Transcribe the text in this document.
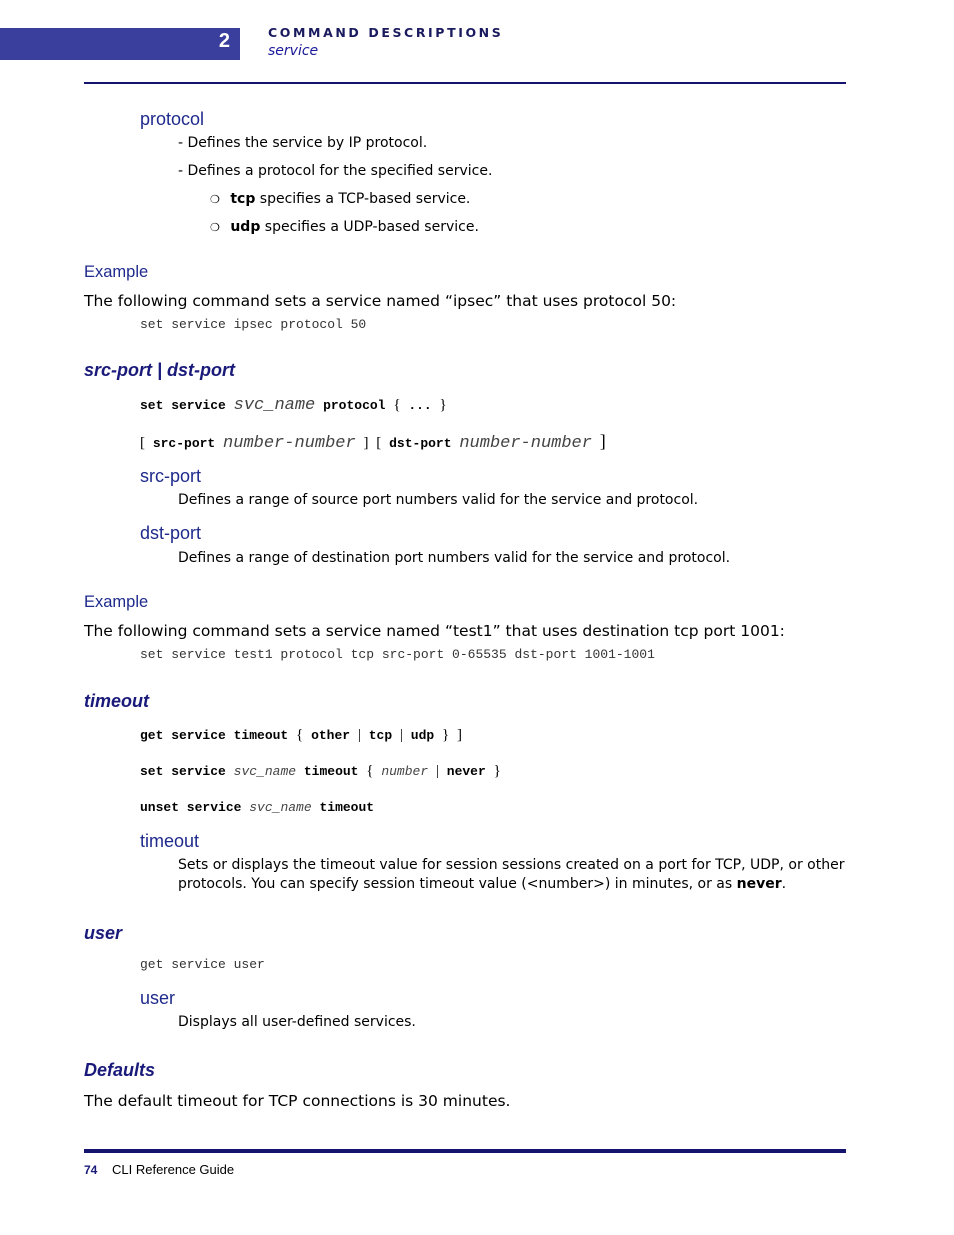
2	COMMAND DESCRIPTIONS
service
protocol
- Defines the service by IP protocol.
- Defines a protocol for the specified service.
❍ tcp specifies a TCP-based service.
❍ udp specifies a UDP-based service.
Example
The following command sets a service named “ipsec” that uses protocol 50:
set service ipsec protocol 50
src-port | dst-port
set service svc_name protocol { ... }
[ src-port number-number ] [ dst-port number-number ]
src-port
Defines a range of source port numbers valid for the service and protocol.
dst-port
Defines a range of destination port numbers valid for the service and protocol.
Example
The following command sets a service named “test1” that uses destination tcp port 1001:
set service test1 protocol tcp src-port 0-65535 dst-port 1001-1001
timeout
get service timeout { other | tcp | udp } ]
set service svc_name timeout { number | never }
unset service svc_name timeout
timeout
Sets or displays the timeout value for session sessions created on a port for TCP, UDP, or other
protocols. You can specify session timeout value (<number>) in minutes, or as never.
user
get service user
user
Displays all user-defined services.
Defaults
The default timeout for TCP connections is 30 minutes.
74 CLI Reference Guide
